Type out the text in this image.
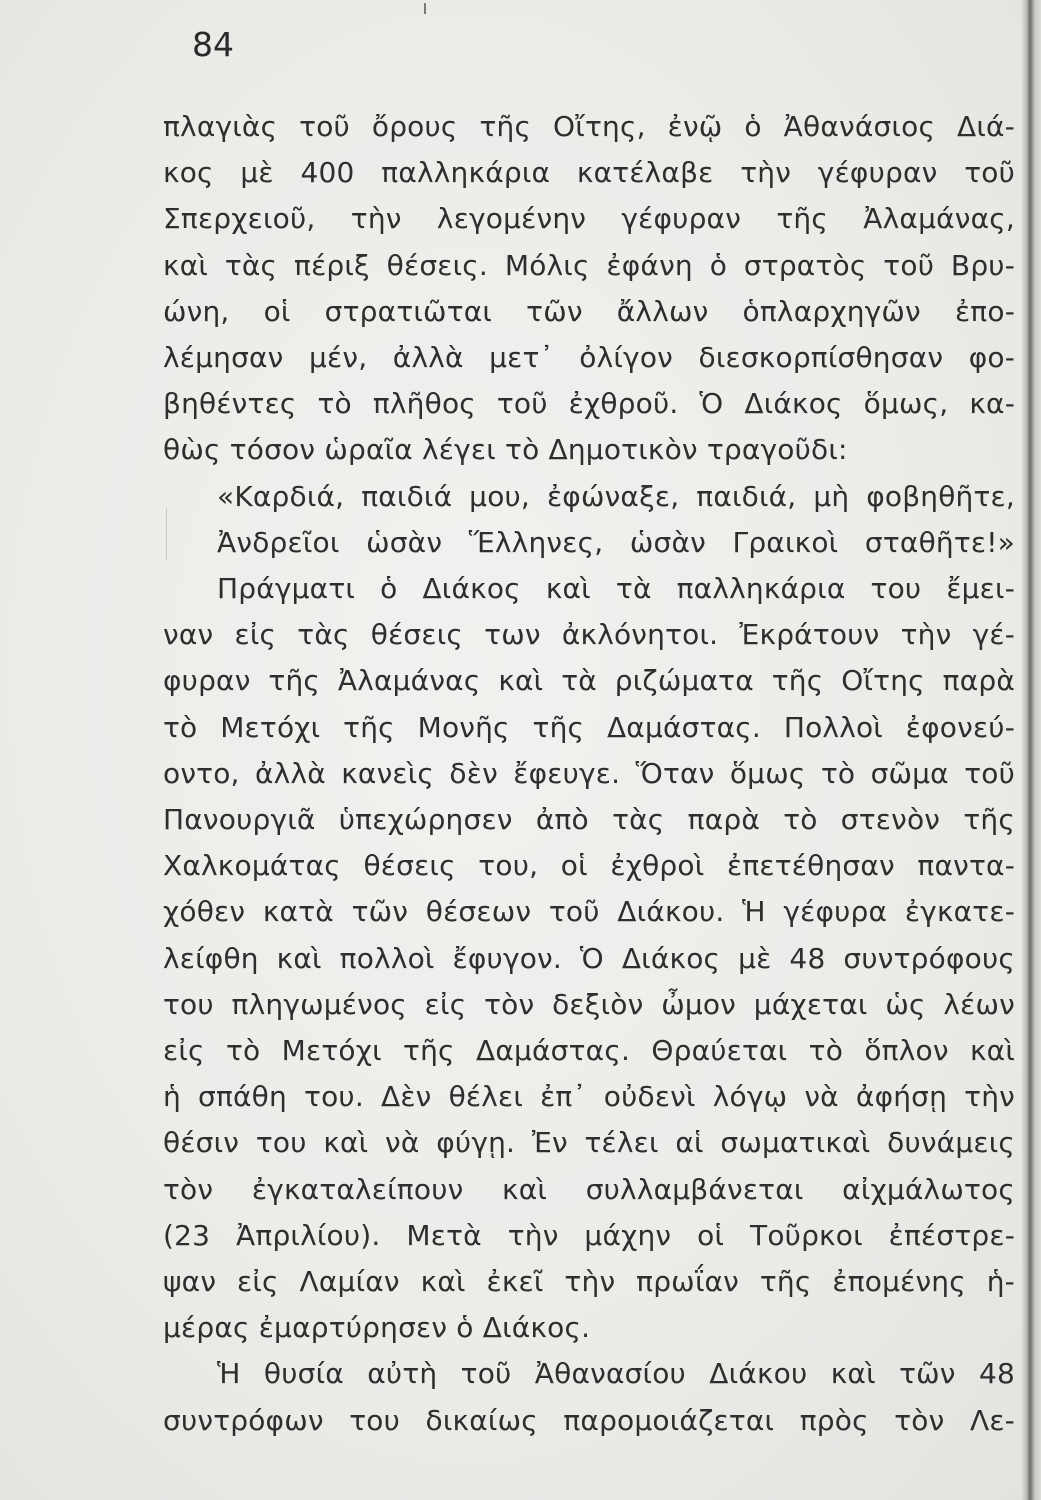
84
πλαγιὰς τοῦ ὄρους τῆς Οἴτης, ἐνῷ ὁ Ἀθανάσιος Διά-
κος μὲ 400 παλληκάρια κατέλαβε τὴν γέφυραν τοῦ
Σπερχειοῦ, τὴν λεγομένην γέφυραν τῆς Ἀλαμάνας,
καὶ τὰς πέριξ θέσεις. Μόλις ἐφάνη ὁ στρατὸς τοῦ Βρυ-
ώνη, οἱ στρατιῶται τῶν ἄλλων ὁπλαρχηγῶν ἐπο-
λέμησαν μέν, ἀλλὰ μετ᾿ ὀλίγον διεσκορπίσθησαν φο-
βηθέντες τὸ πλῆθος τοῦ ἐχθροῦ. Ὁ Διάκος ὅμως, κα-
θὼς τόσον ὡραῖα λέγει τὸ Δημοτικὸν τραγοῦδι:
«Καρδιά, παιδιά μου, ἐφώναξε, παιδιά, μὴ φοβηθῆτε,
Ἀνδρεῖοι ὡσὰν Ἕλληνες, ὡσὰν Γραικοὶ σταθῆτε!»
Πράγματι ὁ Διάκος καὶ τὰ παλληκάρια του ἔμει-
ναν εἰς τὰς θέσεις των ἀκλόνητοι. Ἐκράτουν τὴν γέ-
φυραν τῆς Ἀλαμάνας καὶ τὰ ριζώματα τῆς Οἴτης παρὰ
τὸ Μετόχι τῆς Μονῆς τῆς Δαμάστας. Πολλοὶ ἐφονεύ-
οντο, ἀλλὰ κανεὶς δὲν ἔφευγε. Ὅταν ὅμως τὸ σῶμα τοῦ
Πανουργιᾶ ὑπεχώρησεν ἀπὸ τὰς παρὰ τὸ στενὸν τῆς
Χαλκομάτας θέσεις του, οἱ ἐχθροὶ ἐπετέθησαν παντα-
χόθεν κατὰ τῶν θέσεων τοῦ Διάκου. Ἡ γέφυρα ἐγκατε-
λείφθη καὶ πολλοὶ ἔφυγον. Ὁ Διάκος μὲ 48 συντρόφους
του πληγωμένος εἰς τὸν δεξιὸν ὦμον μάχεται ὡς λέων
εἰς τὸ Μετόχι τῆς Δαμάστας. Θραύεται τὸ ὅπλον καὶ
ἡ σπάθη του. Δὲν θέλει ἐπ᾿ οὐδενὶ λόγῳ νὰ ἀφήσῃ τὴν
θέσιν του καὶ νὰ φύγῃ. Ἐν τέλει αἱ σωματικαὶ δυνάμεις
τὸν ἐγκαταλείπουν καὶ συλλαμβάνεται αἰχμάλωτος
(23 Ἀπριλίου). Μετὰ τὴν μάχην οἱ Τοῦρκοι ἐπέστρε-
ψαν εἰς Λαμίαν καὶ ἐκεῖ τὴν πρωΐαν τῆς ἐπομένης ἡ-
μέρας ἐμαρτύρησεν ὁ Διάκος.
Ἡ θυσία αὐτὴ τοῦ Ἀθανασίου Διάκου καὶ τῶν 48
συντρόφων του δικαίως παρομοιάζεται πρὸς τὸν Λε-
